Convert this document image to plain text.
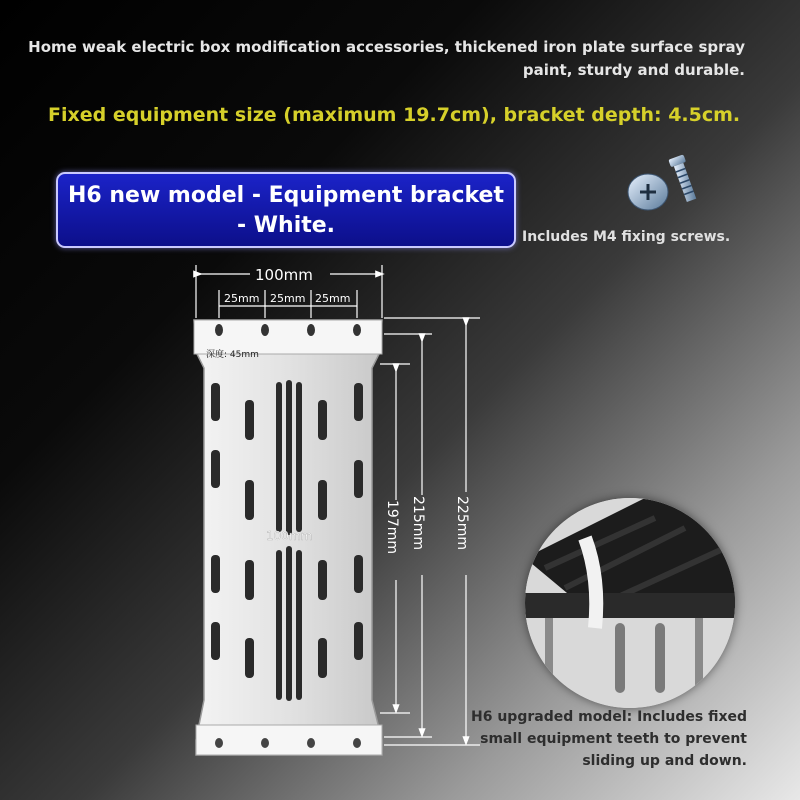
Home weak electric box modification accessories, thickened iron plate surface spray paint, sturdy and durable.
Fixed equipment size (maximum 19.7cm), bracket depth: 4.5cm.
H6 new model - Equipment bracket
- White.	Includes M4 fixing screws.
深度: 45mm
100mm
100mm
25mm 25mm 25mm
197mm 215mm 225mm
H6 upgraded model: Includes fixed small equipment teeth to prevent sliding up and down.
